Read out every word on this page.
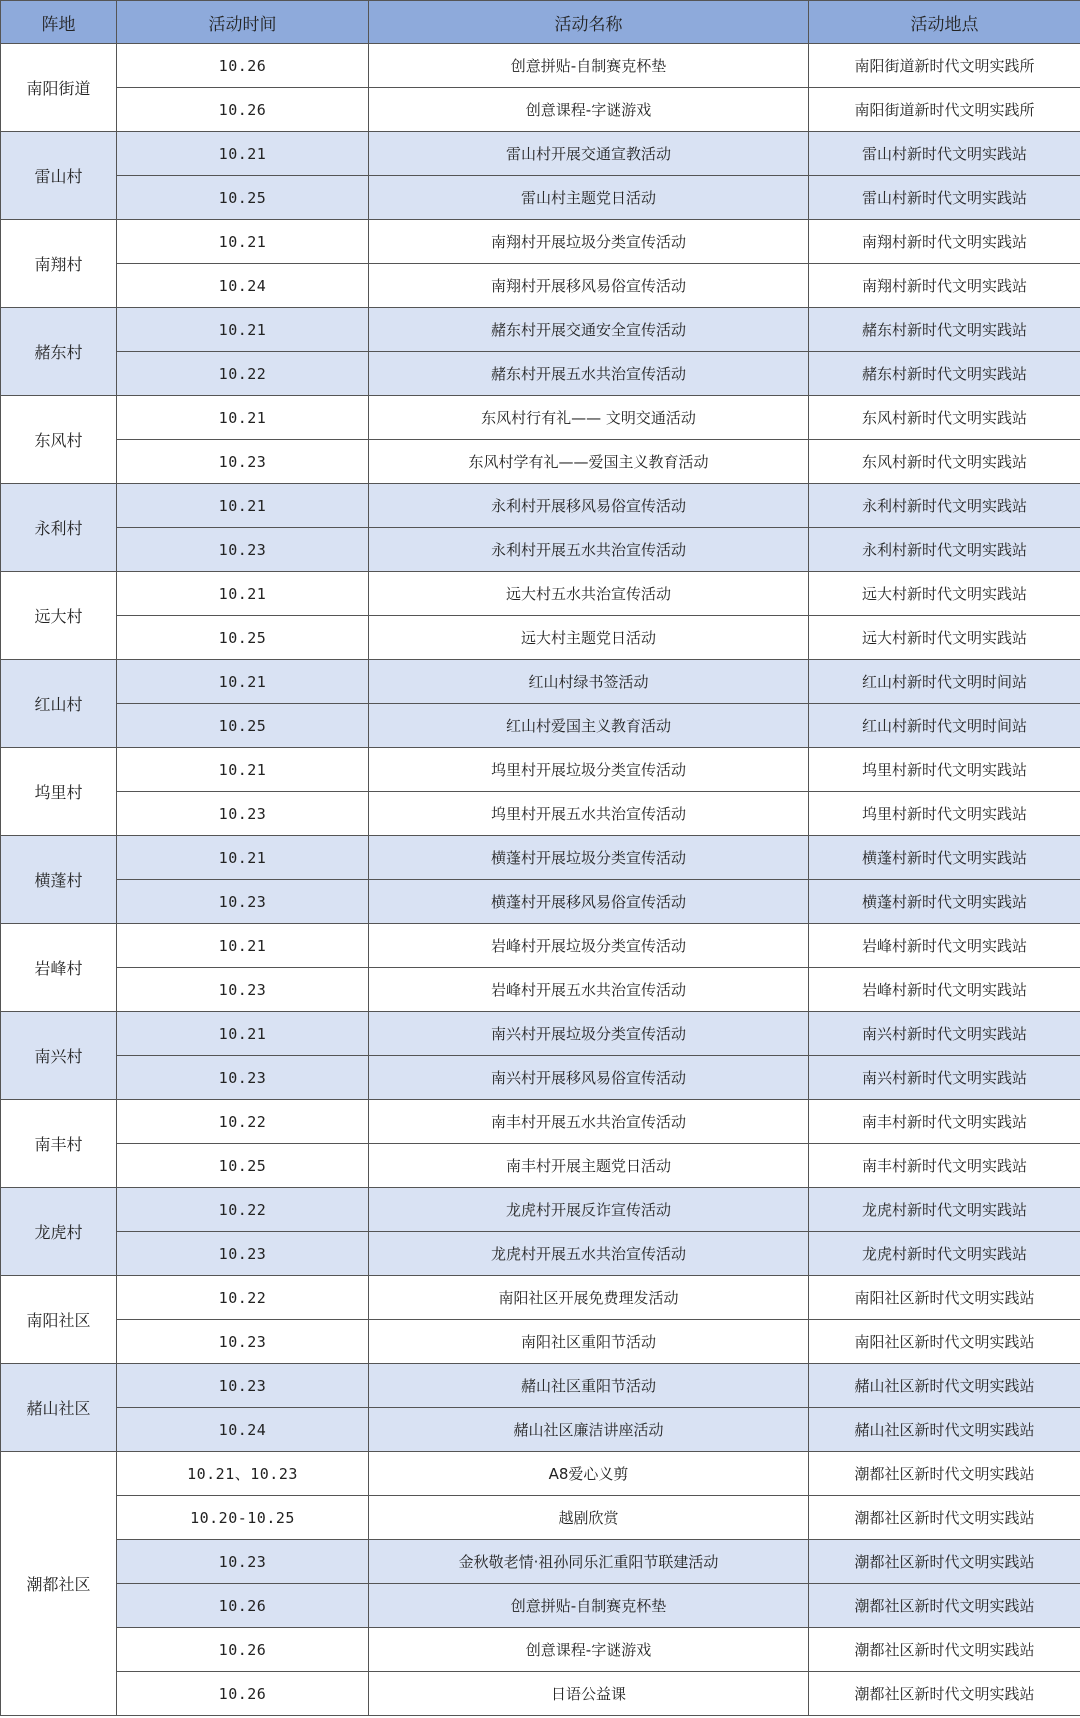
阵地	活动时间	活动名称	活动地点
南阳街道	10.26	创意拼贴-自制赛克杯垫	南阳街道新时代文明实践所
	10.26	创意课程-字谜游戏	南阳街道新时代文明实践所
雷山村	10.21	雷山村开展交通宣教活动	雷山村新时代文明实践站
	10.25	雷山村主题党日活动	雷山村新时代文明实践站
南翔村	10.21	南翔村开展垃圾分类宣传活动	南翔村新时代文明实践站
	10.24	南翔村开展移风易俗宣传活动	南翔村新时代文明实践站
赭东村	10.21	赭东村开展交通安全宣传活动	赭东村新时代文明实践站
	10.22	赭东村开展五水共治宣传活动	赭东村新时代文明实践站
东风村	10.21	东风村行有礼—— 文明交通活动	东风村新时代文明实践站
	10.23	东风村学有礼——爱国主义教育活动	东风村新时代文明实践站
永利村	10.21	永利村开展移风易俗宣传活动	永利村新时代文明实践站
	10.23	永利村开展五水共治宣传活动	永利村新时代文明实践站
远大村	10.21	远大村五水共治宣传活动	远大村新时代文明实践站
	10.25	远大村主题党日活动	远大村新时代文明实践站
红山村	10.21	红山村绿书签活动	红山村新时代文明时间站
	10.25	红山村爱国主义教育活动	红山村新时代文明时间站
坞里村	10.21	坞里村开展垃圾分类宣传活动	坞里村新时代文明实践站
	10.23	坞里村开展五水共治宣传活动	坞里村新时代文明实践站
横蓬村	10.21	横蓬村开展垃圾分类宣传活动	横蓬村新时代文明实践站
	10.23	横蓬村开展移风易俗宣传活动	横蓬村新时代文明实践站
岩峰村	10.21	岩峰村开展垃圾分类宣传活动	岩峰村新时代文明实践站
	10.23	岩峰村开展五水共治宣传活动	岩峰村新时代文明实践站
南兴村	10.21	南兴村开展垃圾分类宣传活动	南兴村新时代文明实践站
	10.23	南兴村开展移风易俗宣传活动	南兴村新时代文明实践站
南丰村	10.22	南丰村开展五水共治宣传活动	南丰村新时代文明实践站
	10.25	南丰村开展主题党日活动	南丰村新时代文明实践站
龙虎村	10.22	龙虎村开展反诈宣传活动	龙虎村新时代文明实践站
	10.23	龙虎村开展五水共治宣传活动	龙虎村新时代文明实践站
南阳社区	10.22	南阳社区开展免费理发活动	南阳社区新时代文明实践站
	10.23	南阳社区重阳节活动	南阳社区新时代文明实践站
赭山社区	10.23	赭山社区重阳节活动	赭山社区新时代文明实践站
	10.24	赭山社区廉洁讲座活动	赭山社区新时代文明实践站
潮都社区	10.21、10.23	A8爱心义剪	潮都社区新时代文明实践站
	10.20-10.25	越剧欣赏	潮都社区新时代文明实践站
	10.23	金秋敬老情·祖孙同乐汇重阳节联建活动	潮都社区新时代文明实践站
	10.26	创意拼贴-自制赛克杯垫	潮都社区新时代文明实践站
	10.26	创意课程-字谜游戏	潮都社区新时代文明实践站
	10.26	日语公益课	潮都社区新时代文明实践站
